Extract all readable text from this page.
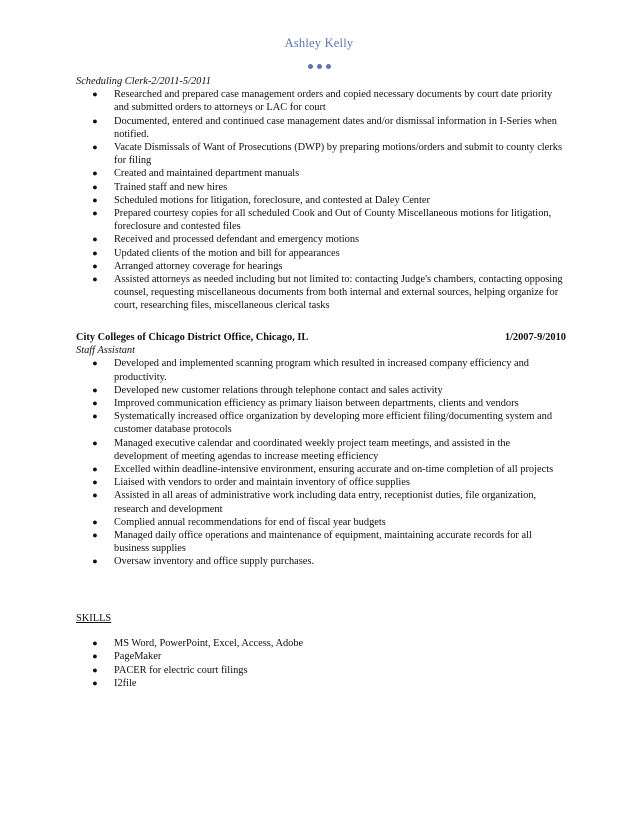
Ashley Kelly
Scheduling Clerk-2/2011-5/2011
● Researched and prepared case management orders and copied necessary documents by court date priority and submitted orders to attorneys or LAC for court
● Documented, entered and continued case management dates and/or dismissal information in I-Series when notified.
● Vacate Dismissals of Want of Prosecutions (DWP) by preparing motions/orders and submit to county clerks for filing
● Created and maintained department manuals
● Trained staff and new hires
● Scheduled motions for litigation, foreclosure, and contested at Daley Center
● Prepared courtesy copies for all scheduled Cook and Out of County Miscellaneous motions for litigation, foreclosure and contested files
● Received and processed defendant and emergency motions
● Updated clients of the motion and bill for appearances
● Arranged attorney coverage for hearings
● Assisted attorneys as needed including but not limited to: contacting Judge's chambers, contacting opposing counsel, requesting miscellaneous documents from both internal and external sources, helping organize for court, researching files, miscellaneous clerical tasks
City Colleges of Chicago District Office, Chicago, IL	1/2007-9/2010
Staff Assistant
● Developed and implemented scanning program which resulted in increased company efficiency and productivity.
● Developed new customer relations through telephone contact and sales activity
● Improved communication efficiency as primary liaison between departments, clients and vendors
● Systematically increased office organization by developing more efficient filing/documenting system and customer database protocols
● Managed executive calendar and coordinated weekly project team meetings, and assisted in the development of meeting agendas to increase meeting efficiency
● Excelled within deadline-intensive environment, ensuring accurate and on-time completion of all projects
● Liaised with vendors to order and maintain inventory of office supplies
● Assisted in all areas of administrative work including data entry, receptionist duties, file organization, research and development
● Complied annual recommendations for end of fiscal year budgets
● Managed daily office operations and maintenance of equipment, maintaining accurate records for all business supplies
● Oversaw inventory and office supply purchases.
SKILLS
● MS Word, PowerPoint, Excel, Access, Adobe
● PageMaker
● PACER for electric court filings
● I2file
